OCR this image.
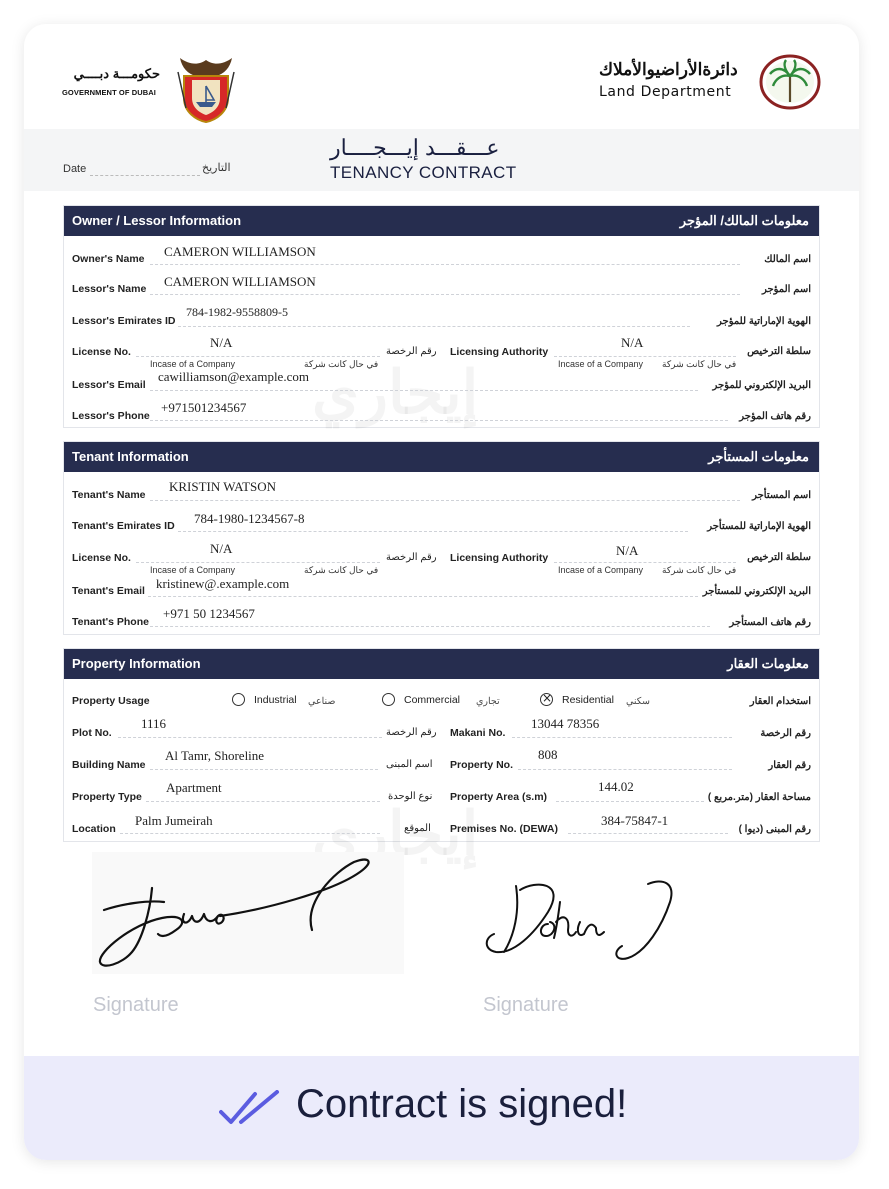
حكومـــة دبــــي
GOVERNMENT OF DUBAI
دائرةالأراضيوالأملاك
Land Department
Date	التاريخ
عـــقـــد إيـــجــــار
TENANCY CONTRACT
Owner / Lessor Information	معلومات المالك/ المؤجر
Owner's Name CAMERON WILLIAMSON
اسم المالك
Lessor's Name CAMERON WILLIAMSON
اسم المؤجر
Lessor's Emirates ID
784-1982-9558809-5
الهوية الإماراتية للمؤجر
License No.
N/A
رقم الرخصة
Incase of a Company	في حال كانت شركة
Licensing Authority
N/A
سلطة الترخيص
Incase of a Company في حال كانت شركة
Lessor's Email
cawilliamson@example.com
البريد الإلكتروني للمؤجر
Lessor's Phone
+971501234567
رقم هاتف المؤجر
Tenant Information	معلومات المستأجر
Tenant's Name
KRISTIN WATSON
اسم المستأجر
Tenant's Emirates ID 784-1980-1234567-8
الهوية الإماراتية للمستأجر
License No.
N/A
رقم الرخصة
Incase of a Company	في حال كانت شركة
Licensing Authority	N/A	سلطة الترخيص
Incase of a Company في حال كانت شركة
Tenant's Email kristinew@.example.com
البريد الإلكتروني للمستأجر
Tenant's Phone
+971 50 1234567
رقم هاتف المستأجر
Property Information	معلومات العقار
Property Usage	Industrial صناعي	Commercial تجاري
×	Residential سكني	استخدام العقار
Plot No.
1116
رقم الرخصة Makani No.
13044 78356
رقم الرخصة
Building Name
Al Tamr, Shoreline
اسم المبنى Property No.
808
رقم العقار
Property Type
Apartment
نوع الوحدة Property Area (s.m)
144.02
مساحة العقار (متر.مربع )
Location
Palm Jumeirah
الموقع Premises No. (DEWA)
384-75847-1
رقم المبنى (ديوا )
Signature	Signature
Contract is signed!
